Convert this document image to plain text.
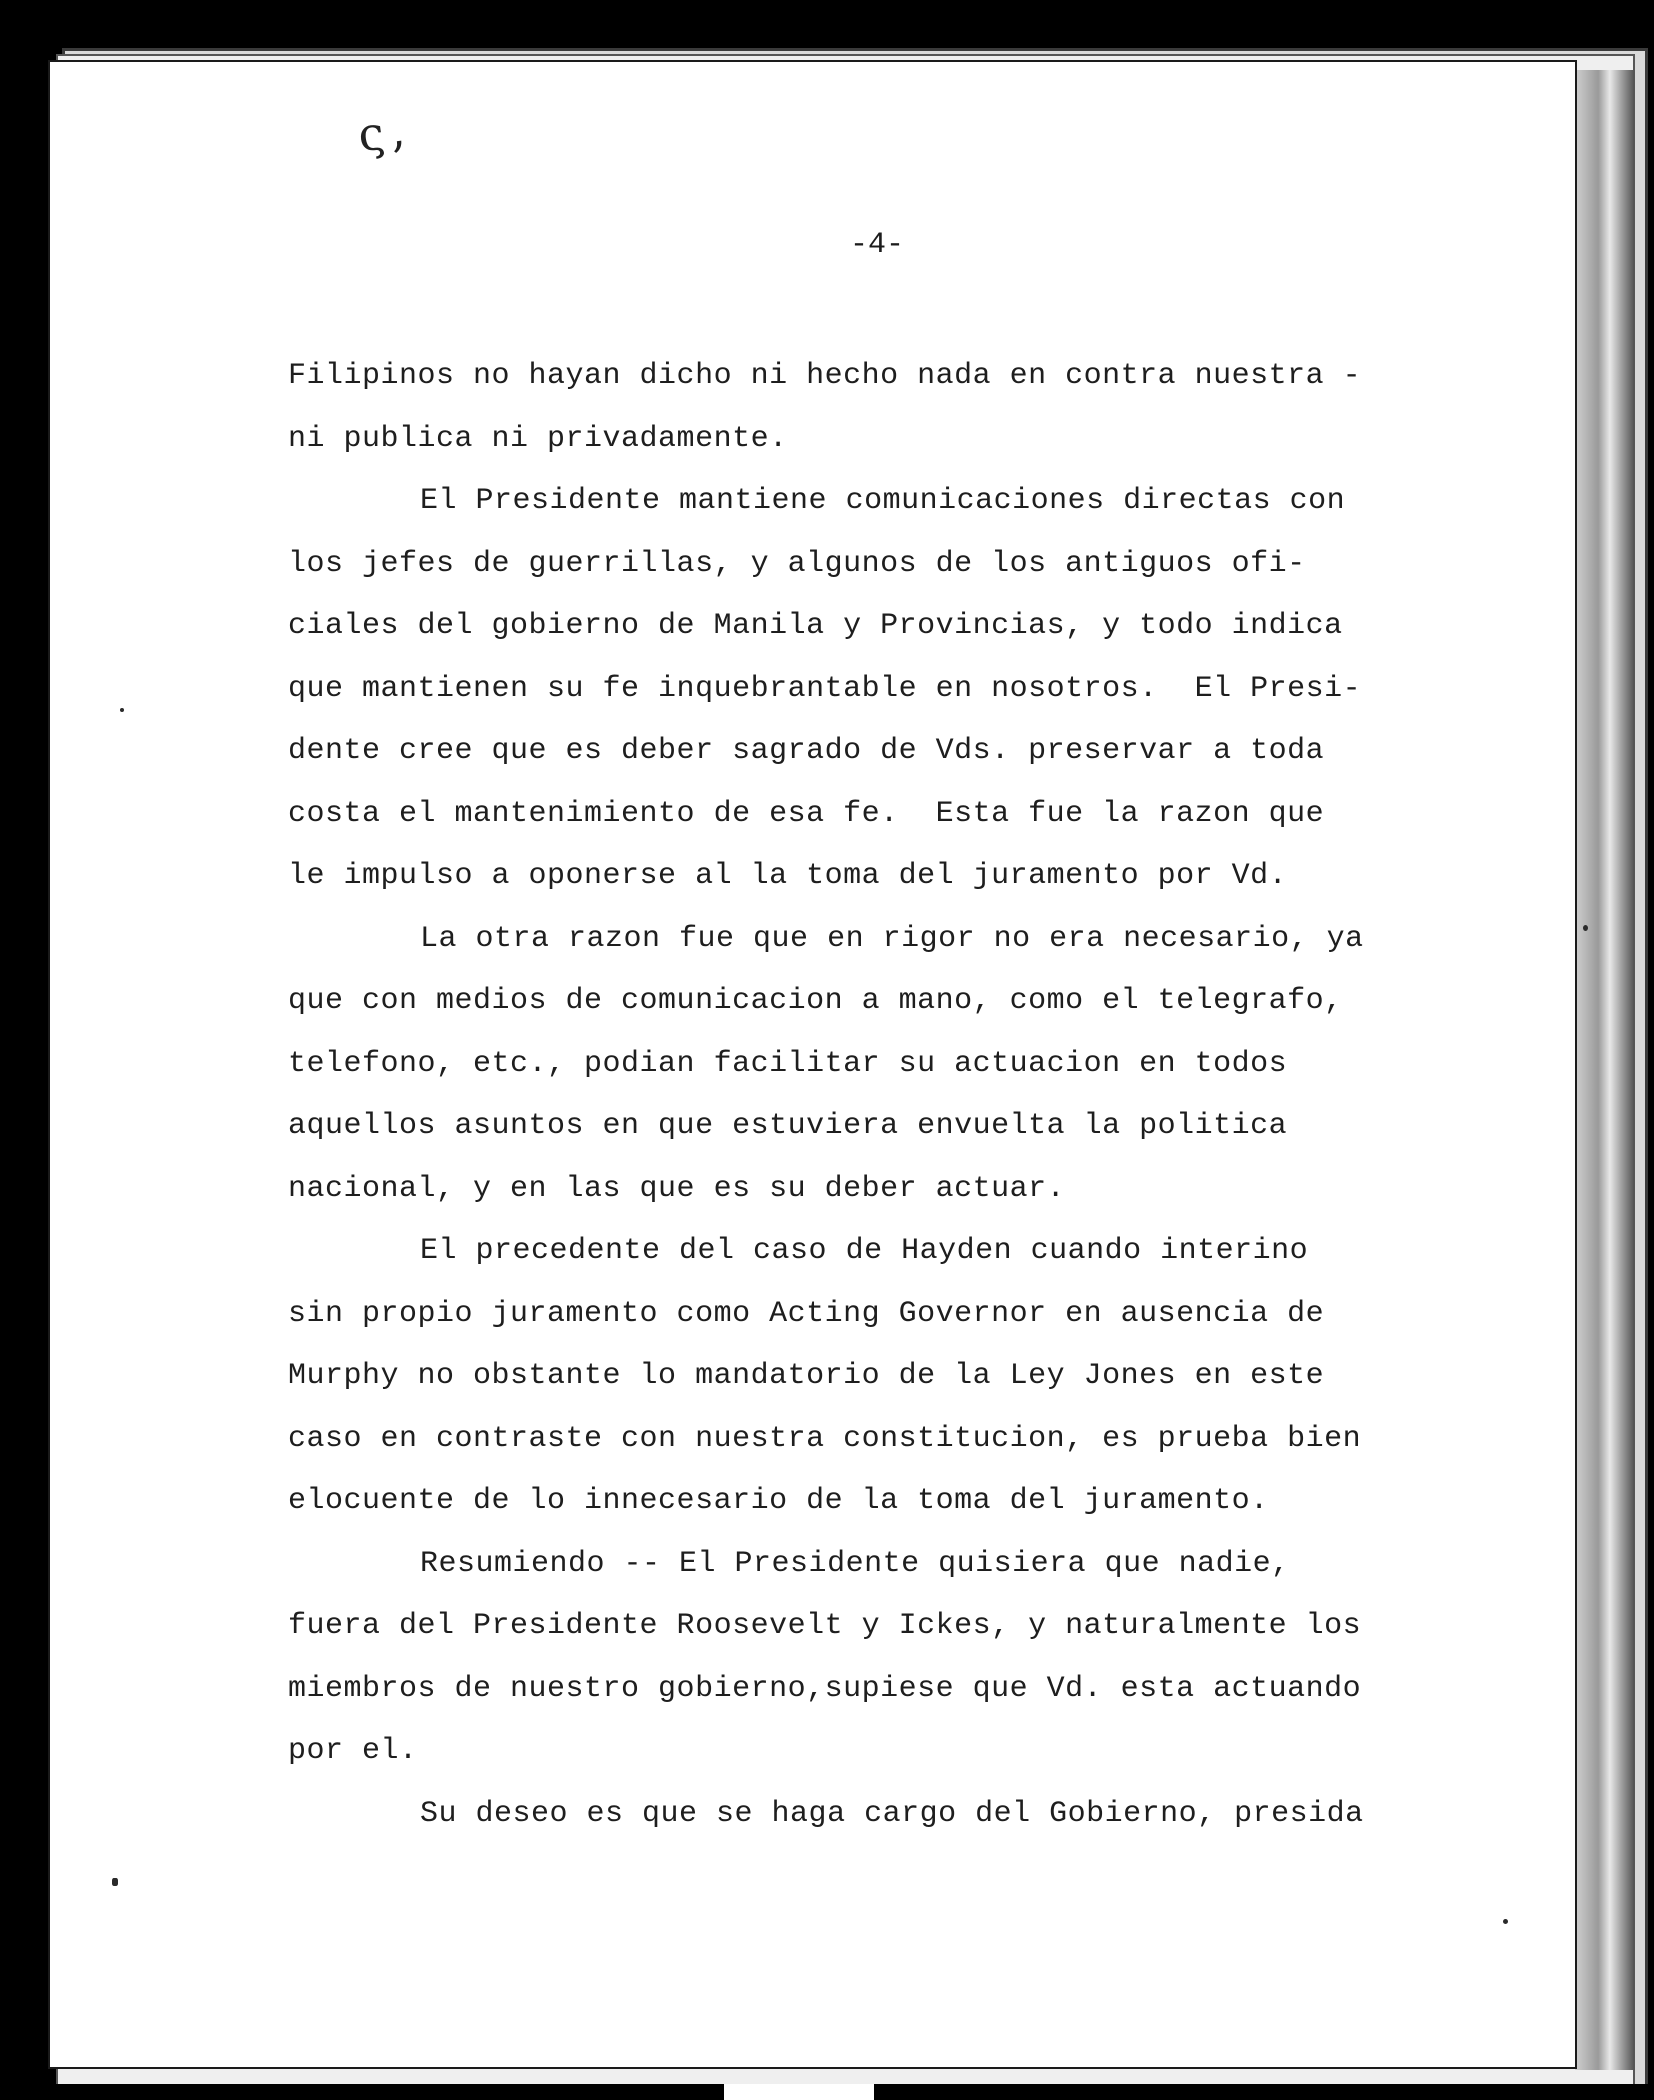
ς,
-4-
Filipinos no hayan dicho ni hecho nada en contra nuestra -
ni publica ni privadamente.
El Presidente mantiene comunicaciones directas con
los jefes de guerrillas, y algunos de los antiguos ofi-
ciales del gobierno de Manila y Provincias, y todo indica
que mantienen su fe inquebrantable en nosotros.  El Presi-
dente cree que es deber sagrado de Vds. preservar a toda
costa el mantenimiento de esa fe.  Esta fue la razon que
le impulso a oponerse al la toma del juramento por Vd.
La otra razon fue que en rigor no era necesario, ya
que con medios de comunicacion a mano, como el telegrafo,
telefono, etc., podian facilitar su actuacion en todos
aquellos asuntos en que estuviera envuelta la politica
nacional, y en las que es su deber actuar.
El precedente del caso de Hayden cuando interino
sin propio juramento como Acting Governor en ausencia de
Murphy no obstante lo mandatorio de la Ley Jones en este
caso en contraste con nuestra constitucion, es prueba bien
elocuente de lo innecesario de la toma del juramento.
Resumiendo -- El Presidente quisiera que nadie,
fuera del Presidente Roosevelt y Ickes, y naturalmente los
miembros de nuestro gobierno,supiese que Vd. esta actuando
por el.
Su deseo es que se haga cargo del Gobierno, presida
